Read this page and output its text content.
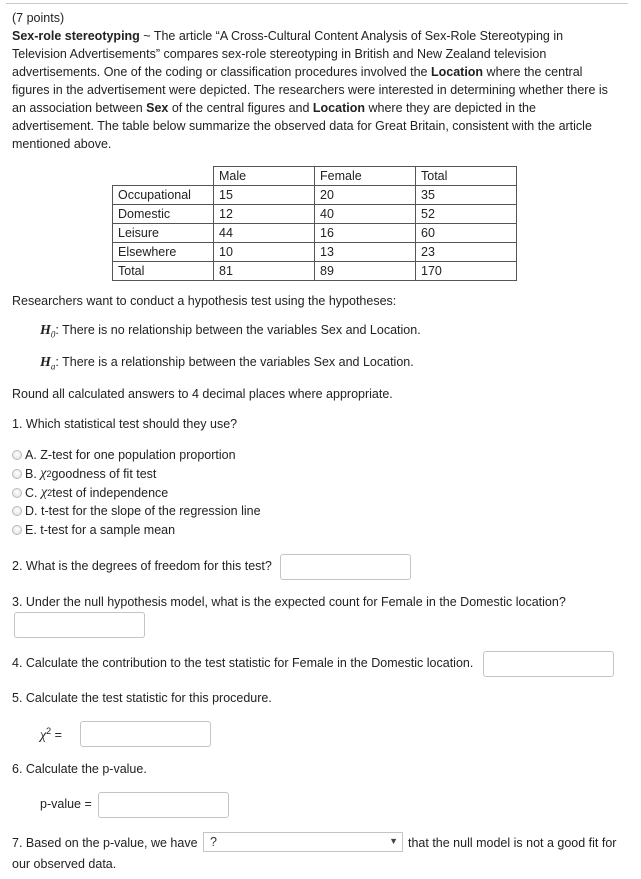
(7 points)
Sex-role stereotyping ~ The article “A Cross-Cultural Content Analysis of Sex-Role Stereotyping in
Television Advertisements” compares sex-role stereotyping in British and New Zealand television
advertisements. One of the coding or classification procedures involved the Location where the central
figures in the advertisement were depicted. The researchers were interested in determining whether there is
an association between Sex of the central figures and Location where they are depicted in the
advertisement. The table below summarize the observed data for Great Britain, consistent with the article
mentioned above.
	Male	Female	Total
Occupational	15	20	35
Domestic	12	40	52
Leisure	44	16	60
Elsewhere	10	13	23
Total	81	89	170
Researchers want to conduct a hypothesis test using the hypotheses:
$H_0$: There is no relationship between the variables Sex and Location.
$H_a$: There is a relationship between the variables Sex and Location.
Round all calculated answers to 4 decimal places where appropriate.
1. Which statistical test should they use?
A.
Z-test for one population proportion
B.
χ 2 goodness of fit test
C.
χ 2 test of independence
D.
t-test for the slope of the regression line
E.
t-test for a sample mean
2. What is the degrees of freedom for this test?
3. Under the null hypothesis model, what is the expected count for Female in the Domestic location?
4. Calculate the contribution to the test statistic for Female in the Domestic location.
5. Calculate the test statistic for this procedure.
$\chi^2$ =
6. Calculate the p-value.
p-value =
7. Based on the p-value, we have ?	▼ that the null model is not a good fit for
our observed data.
